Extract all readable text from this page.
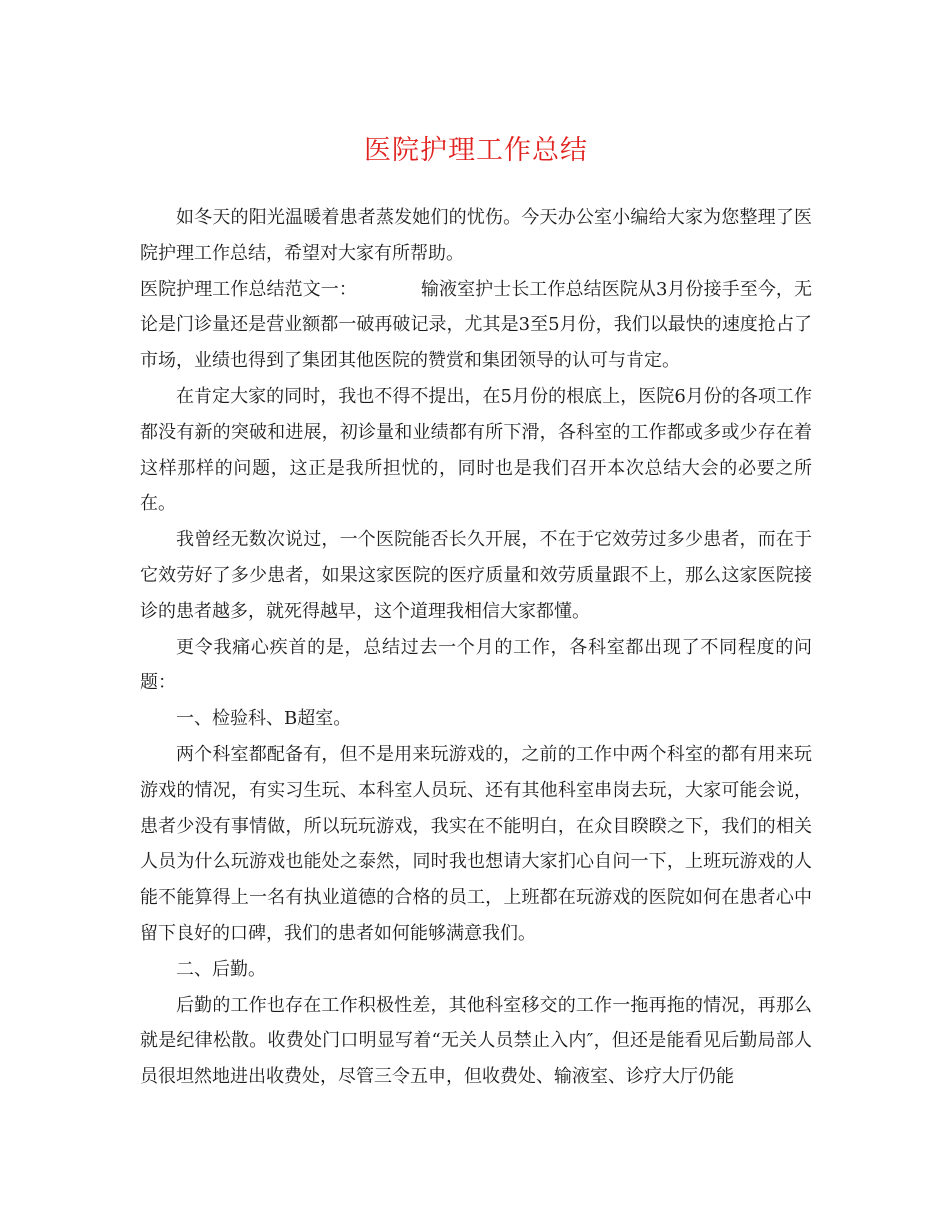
医院护理工作总结

如冬天的阳光温暖着患者蒸发她们的忧伤。今天办公室小编给大家为您整理了医院护理工作总结，希望对大家有所帮助。

医院护理工作总结范文一：	输液室护士长工作总结医院从3月份接手至今，无论是门诊量还是营业额都一破再破记录，尤其是3至5月份，我们以最快的速度抢占了市场，业绩也得到了集团其他医院的赞赏和集团领导的认可与肯定。

在肯定大家的同时，我也不得不提出，在5月份的根底上，医院6月份的各项工作都没有新的突破和进展，初诊量和业绩都有所下滑，各科室的工作都或多或少存在着这样那样的问题，这正是我所担忧的，同时也是我们召开本次总结大会的必要之所在。

我曾经无数次说过，一个医院能否长久开展，不在于它效劳过多少患者，而在于它效劳好了多少患者，如果这家医院的医疗质量和效劳质量跟不上，那么这家医院接诊的患者越多，就死得越早，这个道理我相信大家都懂。

更令我痛心疾首的是，总结过去一个月的工作，各科室都出现了不同程度的问题：

一、检验科、B超室。

两个科室都配备有，但不是用来玩游戏的，之前的工作中两个科室的都有用来玩游戏的情况，有实习生玩、本科室人员玩、还有其他科室串岗去玩，大家可能会说，患者少没有事情做，所以玩玩游戏，我实在不能明白，在众目睽睽之下，我们的相关人员为什么玩游戏也能处之泰然，同时我也想请大家扪心自问一下，上班玩游戏的人能不能算得上一名有执业道德的合格的员工，上班都在玩游戏的医院如何在患者心中留下良好的口碑，我们的患者如何能够满意我们。

二、后勤。

后勤的工作也存在工作积极性差，其他科室移交的工作一拖再拖的情况，再那么就是纪律松散。收费处门口明显写着“无关人员禁止入内″，但还是能看见后勤局部人员很坦然地进出收费处，尽管三令五申，但收费处、输液室、诊疗大厅仍能
